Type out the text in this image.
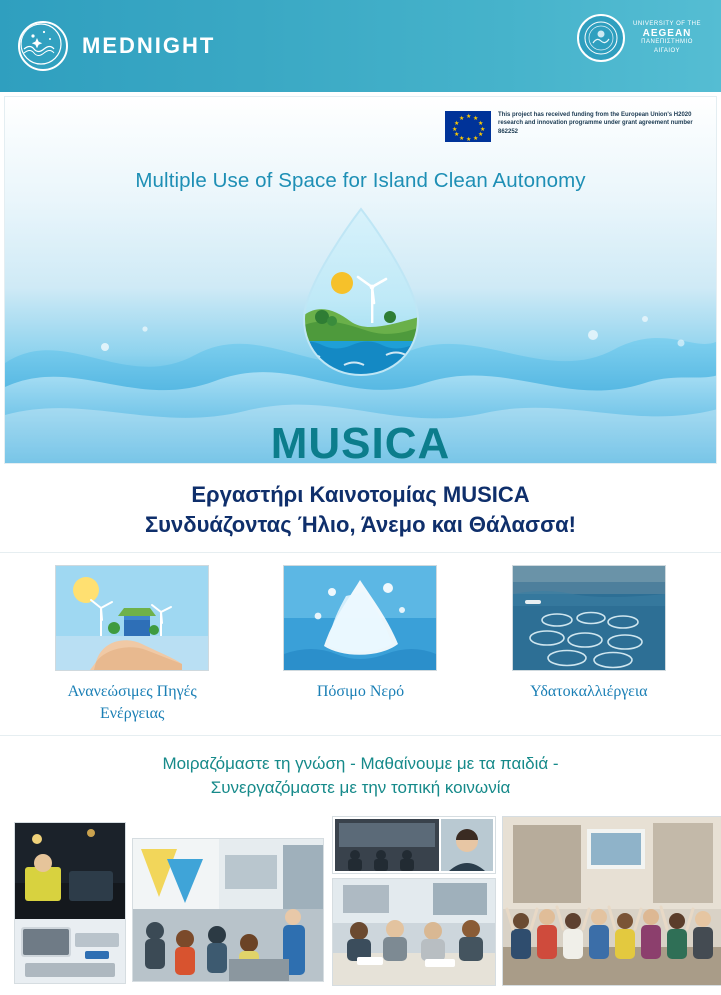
MEDNIGHT
UNIVERSITY OF THE
AEGEAN
ΠΑΝΕΠΙΣΤΗΜΙΟ
ΑΙΓΑΙΟΥ
★ ★
★
★
★
★
★
★
★
★
★
★
This project has received funding from the European Union's H2020 research and innovation programme under grant agreement number 862252
Multiple Use of Space for Island Clean Autonomy
MUSICA
Εργαστήρι Καινοτομίας MUSICA
Συνδυάζοντας Ήλιο, Άνεμο και Θάλασσα!
Ανανεώσιμες Πηγές Ενέργειας
Πόσιμο Νερό	Υδατοκαλλιέργεια
Μοιραζόμαστε τη γνώση - Μαθαίνουμε με τα παιδιά -
Συνεργαζόμαστε με την τοπική κοινωνία
